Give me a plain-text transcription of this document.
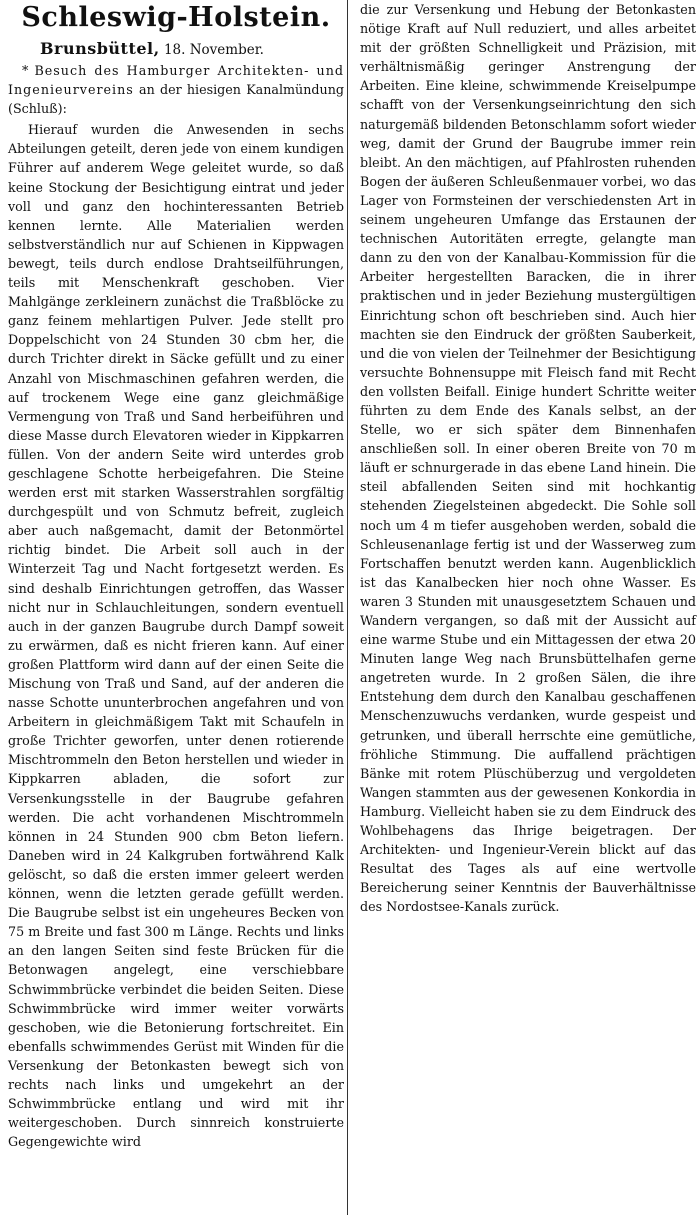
Schleswig-Holstein.

Brunsbüttel, 18. November.

* Besuch des Hamburger Architekten- und Ingenieurvereins an der hiesigen Kanalmündung (Schluß):

Hierauf wurden die Anwesenden in sechs Abteilungen geteilt, deren jede von einem kundigen Führer auf anderem Wege geleitet wurde, so daß keine Stockung der Besichtigung eintrat und jeder voll und ganz den hochinteressanten Betrieb kennen lernte. Alle Materialien werden selbstverständlich nur auf Schienen in Kippwagen bewegt, teils durch endlose Drahtseilführungen, teils mit Menschenkraft geschoben. Vier Mahlgänge zerkleinern zunächst die Traßblöcke zu ganz feinem mehlartigen Pulver. Jede stellt pro Doppelschicht von 24 Stunden 30 cbm her, die durch Trichter direkt in Säcke gefüllt und zu einer Anzahl von Mischmaschinen gefahren werden, die auf trockenem Wege eine ganz gleichmäßige Vermengung von Traß und Sand herbeiführen und diese Masse durch Elevatoren wieder in Kippkarren füllen. Von der andern Seite wird unterdes grob geschlagene Schotte herbeigefahren. Die Steine werden erst mit starken Wasserstrahlen sorgfältig durchgespült und von Schmutz befreit, zugleich aber auch naßgemacht, damit der Betonmörtel richtig bindet. Die Arbeit soll auch in der Winterzeit Tag und Nacht fortgesetzt werden. Es sind deshalb Einrichtungen getroffen, das Wasser nicht nur in Schlauchleitungen, sondern eventuell auch in der ganzen Baugrube durch Dampf soweit zu erwärmen, daß es nicht frieren kann. Auf einer großen Plattform wird dann auf der einen Seite die Mischung von Traß und Sand, auf der anderen die nasse Schotte ununterbrochen angefahren und von Arbeitern in gleichmäßigem Takt mit Schaufeln in große Trichter geworfen, unter denen rotierende Mischtrommeln den Beton herstellen und wieder in Kippkarren abladen, die sofort zur Versenkungsstelle in der Baugrube gefahren werden. Die acht vorhandenen Mischtrommeln können in 24 Stunden 900 cbm Beton liefern. Daneben wird in 24 Kalkgruben fortwährend Kalk gelöscht, so daß die ersten immer geleert werden können, wenn die letzten gerade gefüllt werden. Die Baugrube selbst ist ein ungeheures Becken von 75 m Breite und fast 300 m Länge. Rechts und links an den langen Seiten sind feste Brücken für die Betonwagen angelegt, eine verschiebbare Schwimmbrücke verbindet die beiden Seiten. Diese Schwimmbrücke wird immer weiter vorwärts geschoben, wie die Betonierung fortschreitet. Ein ebenfalls schwimmendes Gerüst mit Winden für die Versenkung der Betonkasten bewegt sich von rechts nach links und umgekehrt an der Schwimmbrücke entlang und wird mit ihr weitergeschoben. Durch sinnreich konstruierte Gegengewichte wird

die zur Versenkung und Hebung der Betonkasten nötige Kraft auf Null reduziert, und alles arbeitet mit der größten Schnelligkeit und Präzision, mit verhältnismäßig geringer Anstrengung der Arbeiten. Eine kleine, schwimmende Kreiselpumpe schafft von der Versenkungseinrichtung den sich naturgemäß bildenden Betonschlamm sofort wieder weg, damit der Grund der Baugrube immer rein bleibt. An den mächtigen, auf Pfahlrosten ruhenden Bogen der äußeren Schleußenmauer vorbei, wo das Lager von Formsteinen der verschiedensten Art in seinem ungeheuren Umfange das Erstaunen der technischen Autoritäten erregte, gelangte man dann zu den von der Kanalbau-Kommission für die Arbeiter hergestellten Baracken, die in ihrer praktischen und in jeder Beziehung mustergültigen Einrichtung schon oft beschrieben sind. Auch hier machten sie den Eindruck der größten Sauberkeit, und die von vielen der Teilnehmer der Besichtigung versuchte Bohnensuppe mit Fleisch fand mit Recht den vollsten Beifall. Einige hundert Schritte weiter führten zu dem Ende des Kanals selbst, an der Stelle, wo er sich später dem Binnenhafen anschließen soll. In einer oberen Breite von 70 m läuft er schnurgerade in das ebene Land hinein. Die steil abfallenden Seiten sind mit hochkantig stehenden Ziegelsteinen abgedeckt. Die Sohle soll noch um 4 m tiefer ausgehoben werden, sobald die Schleusenanlage fertig ist und der Wasserweg zum Fortschaffen benutzt werden kann. Augenblicklich ist das Kanalbecken hier noch ohne Wasser. Es waren 3 Stunden mit unausgesetztem Schauen und Wandern vergangen, so daß mit der Aussicht auf eine warme Stube und ein Mittagessen der etwa 20 Minuten lange Weg nach Brunsbüttelhafen gerne angetreten wurde. In 2 großen Sälen, die ihre Entstehung dem durch den Kanalbau geschaffenen Menschenzuwuchs verdanken, wurde gespeist und getrunken, und überall herrschte eine gemütliche, fröhliche Stimmung. Die auffallend prächtigen Bänke mit rotem Plüschüberzug und vergoldeten Wangen stammten aus der gewesenen Konkordia in Hamburg. Vielleicht haben sie zu dem Eindruck des Wohlbehagens das Ihrige beigetragen. Der Architekten- und Ingenieur-Verein blickt auf das Resultat des Tages als auf eine wertvolle Bereicherung seiner Kenntnis der Bauverhältnisse des Nordostsee-Kanals zurück.
